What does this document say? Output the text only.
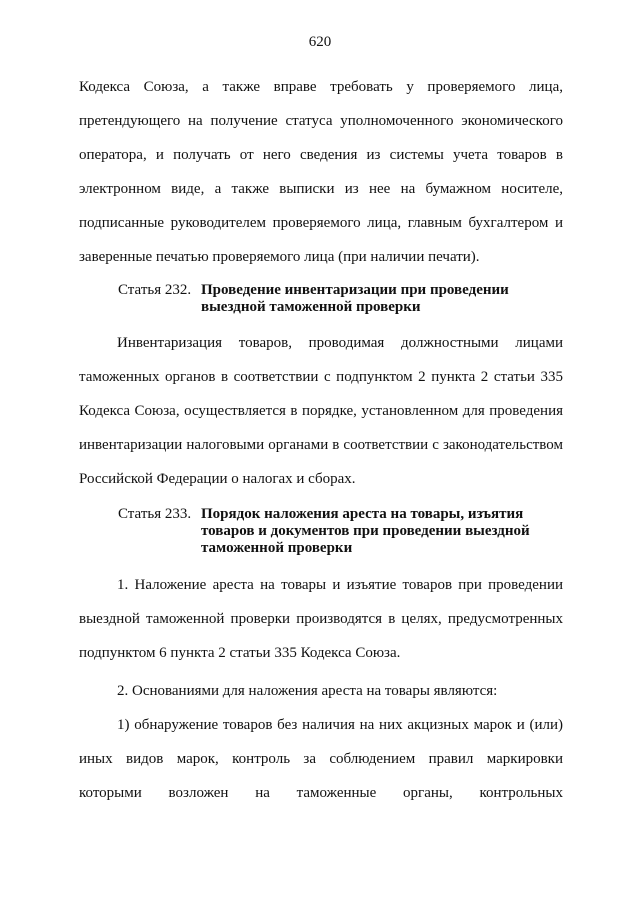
620
Кодекса Союза, а также вправе требовать у проверяемого лица,
претендующего на получение статуса уполномоченного экономического
оператора, и получать от него сведения из системы учета товаров в
электронном виде, а также выписки из нее на бумажном носителе,
подписанные руководителем проверяемого лица, главным бухгалтером и
заверенные печатью проверяемого лица (при наличии печати).
Статья 232. Проведение инвентаризации при проведении
выездной таможенной проверки
Инвентаризация товаров, проводимая должностными лицами
таможенных органов в соответствии с подпунктом 2 пункта 2 статьи 335
Кодекса Союза, осуществляется в порядке, установленном для проведения
инвентаризации налоговыми органами в соответствии с законодательством
Российской Федерации о налогах и сборах.
Статья 233. Порядок наложения ареста на товары, изъятия
товаров и документов при проведении выездной
таможенной проверки
1. Наложение ареста на товары и изъятие товаров при проведении
выездной таможенной проверки производятся в целях, предусмотренных
подпунктом 6 пункта 2 статьи 335 Кодекса Союза.
2. Основаниями для наложения ареста на товары являются:
1) обнаружение товаров без наличия на них акцизных марок и (или)
иных видов марок, контроль за соблюдением правил маркировки
которыми возложен на таможенные органы, контрольных
